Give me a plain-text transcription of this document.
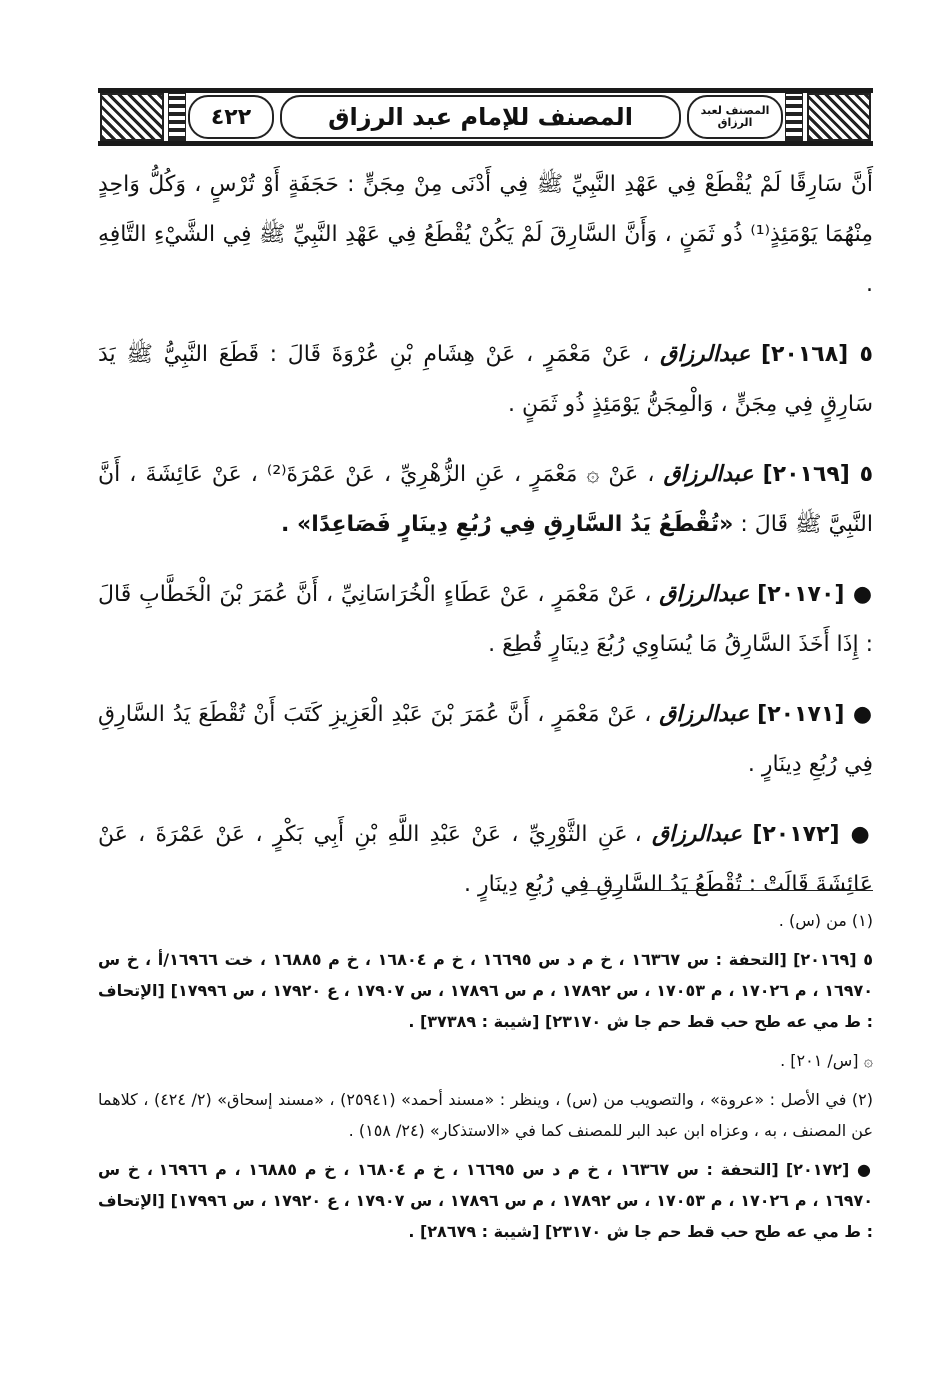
٤٢٢	المصنف للإمام عبد الرزاق	المصنف لعبد الرزاق

أَنَّ سَارِقًا لَمْ يُقْطَعْ فِي عَهْدِ النَّبِيِّ ﷺ فِي أَدْنَى مِنْ مِجَنٍّ : حَجَفَةٍ أَوْ تُرْسٍ ، وَكُلُّ وَاحِدٍ مِنْهُمَا يَوْمَئِذٍ⁽¹⁾ ذُو ثَمَنٍ ، وَأَنَّ السَّارِقَ لَمْ يَكُنْ يُقْطَعُ فِي عَهْدِ النَّبِيِّ ﷺ فِي الشَّيْءِ التَّافِهِ .

٥ [٢٠١٦٨] عبدالرزاق ، عَنْ مَعْمَرٍ ، عَنْ هِشَامِ بْنِ عُرْوَةَ قَالَ : قَطَعَ النَّبِيُّ ﷺ يَدَ سَارِقٍ فِي مِجَنٍّ ، وَالْمِجَنُّ يَوْمَئِذٍ ذُو ثَمَنٍ .

٥ [٢٠١٦٩] عبدالرزاق ، عَنْ ۞ مَعْمَرٍ ، عَنِ الزُّهْرِيِّ ، عَنْ عَمْرَةَ⁽²⁾ ، عَنْ عَائِشَةَ ، أَنَّ النَّبِيَّ ﷺ قَالَ : «تُقْطَعُ يَدُ السَّارِقِ فِي رُبُعِ دِينَارٍ فَصَاعِدًا» .

● [٢٠١٧٠] عبدالرزاق ، عَنْ مَعْمَرٍ ، عَنْ عَطَاءٍ الْخُرَاسَانِيِّ ، أَنَّ عُمَرَ بْنَ الْخَطَّابِ قَالَ : إِذَا أَخَذَ السَّارِقُ مَا يُسَاوِي رُبُعَ دِينَارٍ قُطِعَ .

● [٢٠١٧١] عبدالرزاق ، عَنْ مَعْمَرٍ ، أَنَّ عُمَرَ بْنَ عَبْدِ الْعَزِيزِ كَتَبَ أَنْ تُقْطَعَ يَدُ السَّارِقِ فِي رُبُعِ دِينَارٍ .

● [٢٠١٧٢] عبدالرزاق ، عَنِ الثَّوْرِيِّ ، عَنْ عَبْدِ اللَّهِ بْنِ أَبِي بَكْرٍ ، عَنْ عَمْرَةَ ، عَنْ عَائِشَةَ قَالَتْ : تُقْطَعُ يَدُ السَّارِقِ فِي رُبُعِ دِينَارٍ .

(١) من (س) .

٥ [٢٠١٦٩] [التحفة : س ١٦٣٦٧ ، خ م د س ١٦٦٩٥ ، خ م ١٦٨٠٤ ، خ م ١٦٨٨٥ ، خت ١٦٩٦٦/أ ، خ س ١٦٩٧٠ ، م ١٧٠٢٦ ، م ١٧٠٥٣ ، س ١٧٨٩٢ ، م س ١٧٨٩٦ ، س ١٧٩٠٧ ، ع ١٧٩٢٠ ، س ١٧٩٩٦] [الإتحاف : ط مي عه طح حب قط حم جا ش ٢٣١٧٠] [شيبة : ٣٧٣٨٩] .

۞ [س/ ٢٠١] .

(٢) في الأصل : «عروة» ، والتصويب من (س) ، وينظر : «مسند أحمد» (٢٥٩٤١) ، «مسند إسحاق» (٢/ ٤٢٤) ، كلاهما عن المصنف ، به ، وعزاه ابن عبد البر للمصنف كما في «الاستذكار» (٢٤/ ١٥٨) .

● [٢٠١٧٢] [التحفة : س ١٦٣٦٧ ، خ م د س ١٦٦٩٥ ، خ م ١٦٨٠٤ ، خ م ١٦٨٨٥ ، م ١٦٩٦٦ ، خ س ١٦٩٧٠ ، م ١٧٠٢٦ ، م ١٧٠٥٣ ، س ١٧٨٩٢ ، م س ١٧٨٩٦ ، س ١٧٩٠٧ ، ع ١٧٩٢٠ ، س ١٧٩٩٦] [الإتحاف : ط مي عه طح حب قط حم جا ش ٢٣١٧٠] [شيبة : ٢٨٦٧٩] .
